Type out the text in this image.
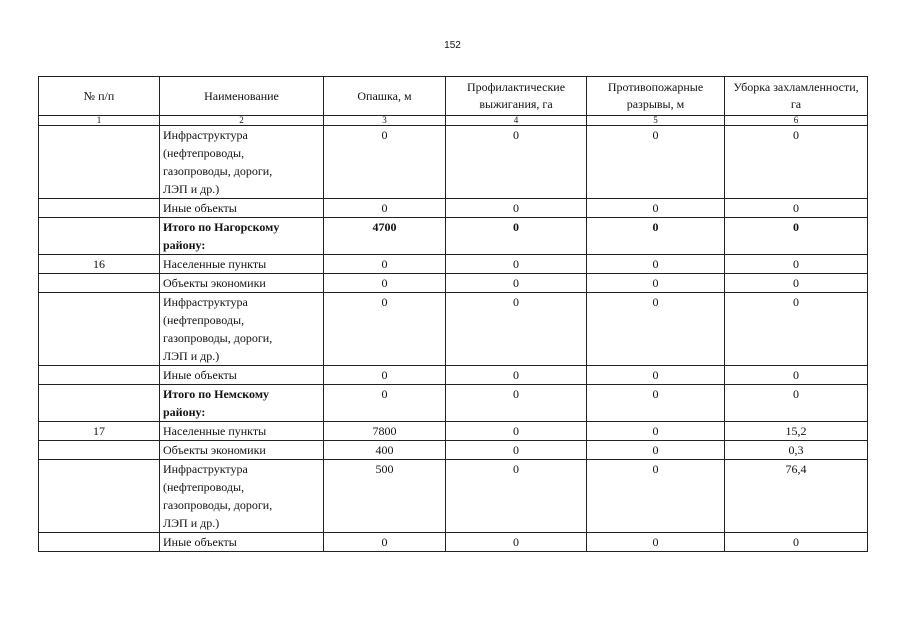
152
№ п/п	Наименование	Опашка, м	Профилактические выжигания, га	Противопожарные разрывы, м	Уборка захламленности, га
1	2	3	4	5	6
	Инфраструктура
(нефтепроводы,
газопроводы, дороги,
ЛЭП и др.)	0	0	0	0
	Иные объекты	0	0	0	0
	Итого по Нагорскому
району:	4700	0	0	0
16	Населенные пункты	0	0	0	0
	Объекты экономики	0	0	0	0
	Инфраструктура
(нефтепроводы,
газопроводы, дороги,
ЛЭП и др.)	0	0	0	0
	Иные объекты	0	0	0	0
	Итого по Немскому
району:	0	0	0	0
17	Населенные пункты	7800	0	0	15,2
	Объекты экономики	400	0	0	0,3
	Инфраструктура
(нефтепроводы,
газопроводы, дороги,
ЛЭП и др.)	500	0	0	76,4
	Иные объекты	0	0	0	0
